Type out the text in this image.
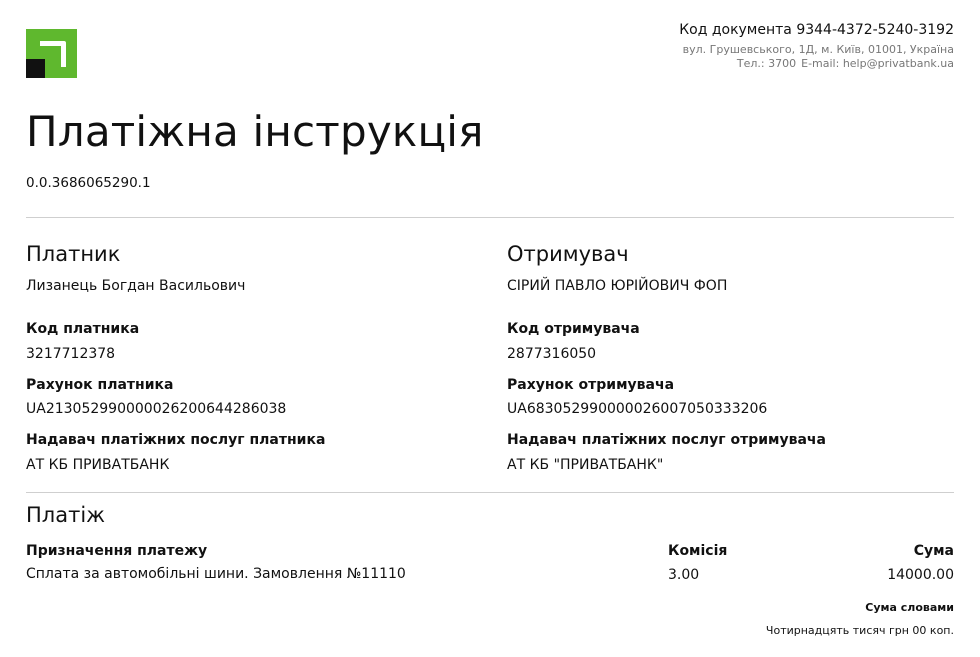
Код документа 9344-4372-5240-3192
вул. Грушевського, 1Д, м. Київ, 01001, Україна
Тел.: 3700 E-mail: help@privatbank.ua
Платіжна інструкція
0.0.3686065290.1
Платник
Лизанець Богдан Васильович
Код платника
3217712378
Рахунок платника
UA213052990000026200644286038
Надавач платіжних послуг платника
АТ КБ ПРИВАТБАНК
Отримувач
СІРИЙ ПАВЛО ЮРІЙОВИЧ ФОП
Код отримувача
2877316050
Рахунок отримувача
UA683052990000026007050333206
Надавач платіжних послуг отримувача
АТ КБ "ПРИВАТБАНК"
Платіж
Призначення платежу
Сплата за автомобільні шини. Замовлення №11110
Комісія
3.00
Сума
14000.00
Сума словами
Чотирнадцять тисяч грн 00 коп.
